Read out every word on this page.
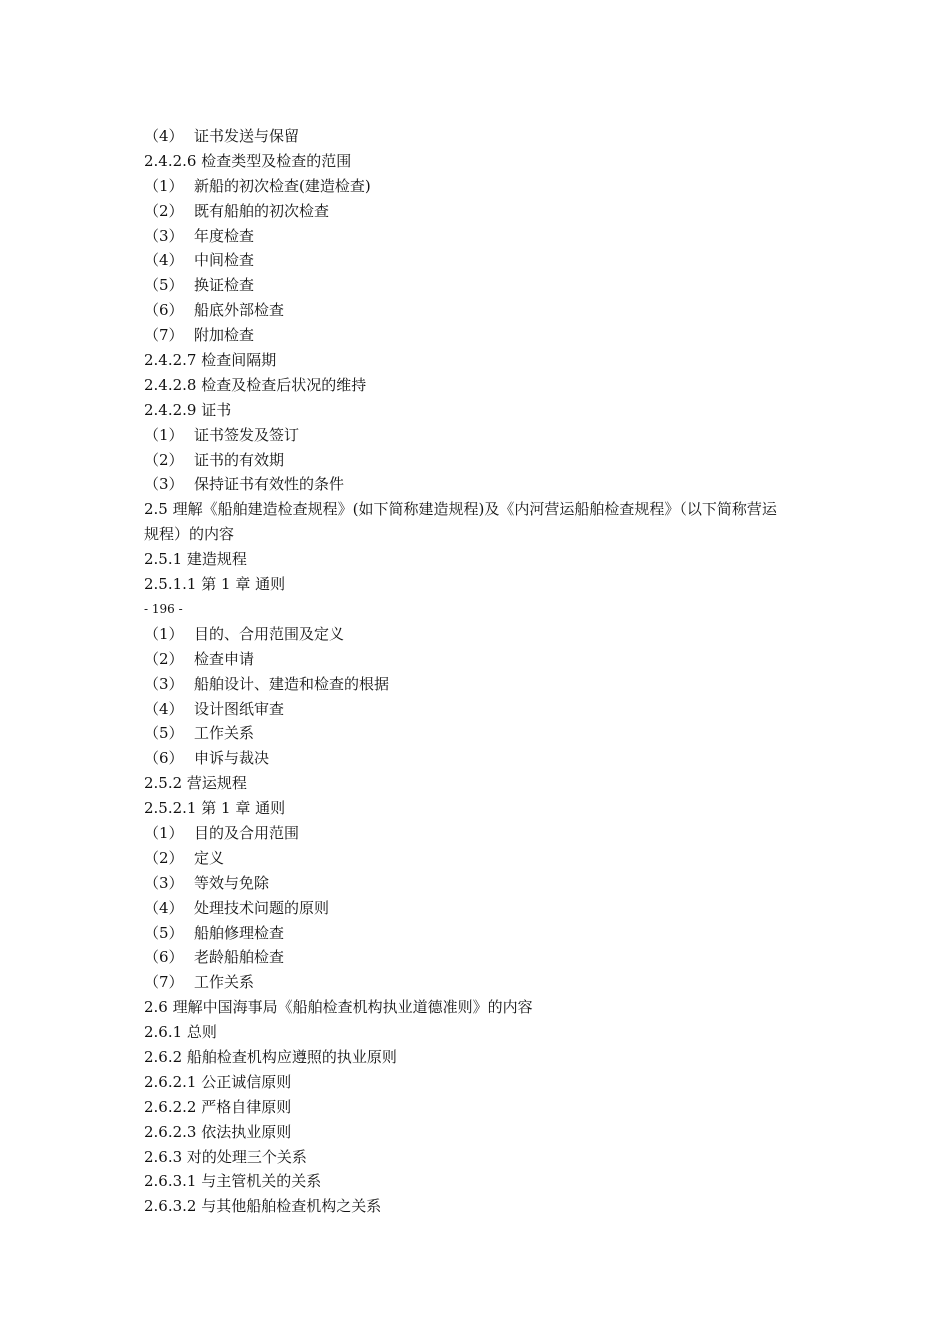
（4） 证书发送与保留
2.4.2.6 检查类型及检查的范围
（1） 新船的初次检查(建造检查)
（2） 既有船舶的初次检查
（3） 年度检查
（4） 中间检查
（5） 换证检查
（6） 船底外部检查
（7） 附加检查
2.4.2.7 检查间隔期
2.4.2.8 检查及检查后状况的维持
2.4.2.9 证书
（1） 证书签发及签订
（2） 证书的有效期
（3） 保持证书有效性的条件
2.5 理解《船舶建造检查规程》(如下简称建造规程)及《内河营运船舶检查规程》（以下简称营运规程）的内容
2.5.1 建造规程
2.5.1.1 第 1 章 通则
- 196 -
（1） 目的、合用范围及定义
（2） 检查申请
（3） 船舶设计、建造和检查的根据
（4） 设计图纸审查
（5） 工作关系
（6） 申诉与裁决
2.5.2 营运规程
2.5.2.1 第 1 章 通则
（1） 目的及合用范围
（2） 定义
（3） 等效与免除
（4） 处理技术问题的原则
（5） 船舶修理检查
（6） 老龄船舶检查
（7） 工作关系
2.6 理解中国海事局《船舶检查机构执业道德准则》的内容
2.6.1 总则
2.6.2 船舶检查机构应遵照的执业原则
2.6.2.1 公正诚信原则
2.6.2.2 严格自律原则
2.6.2.3 依法执业原则
2.6.3 对的处理三个关系
2.6.3.1 与主管机关的关系
2.6.3.2 与其他船舶检查机构之关系
